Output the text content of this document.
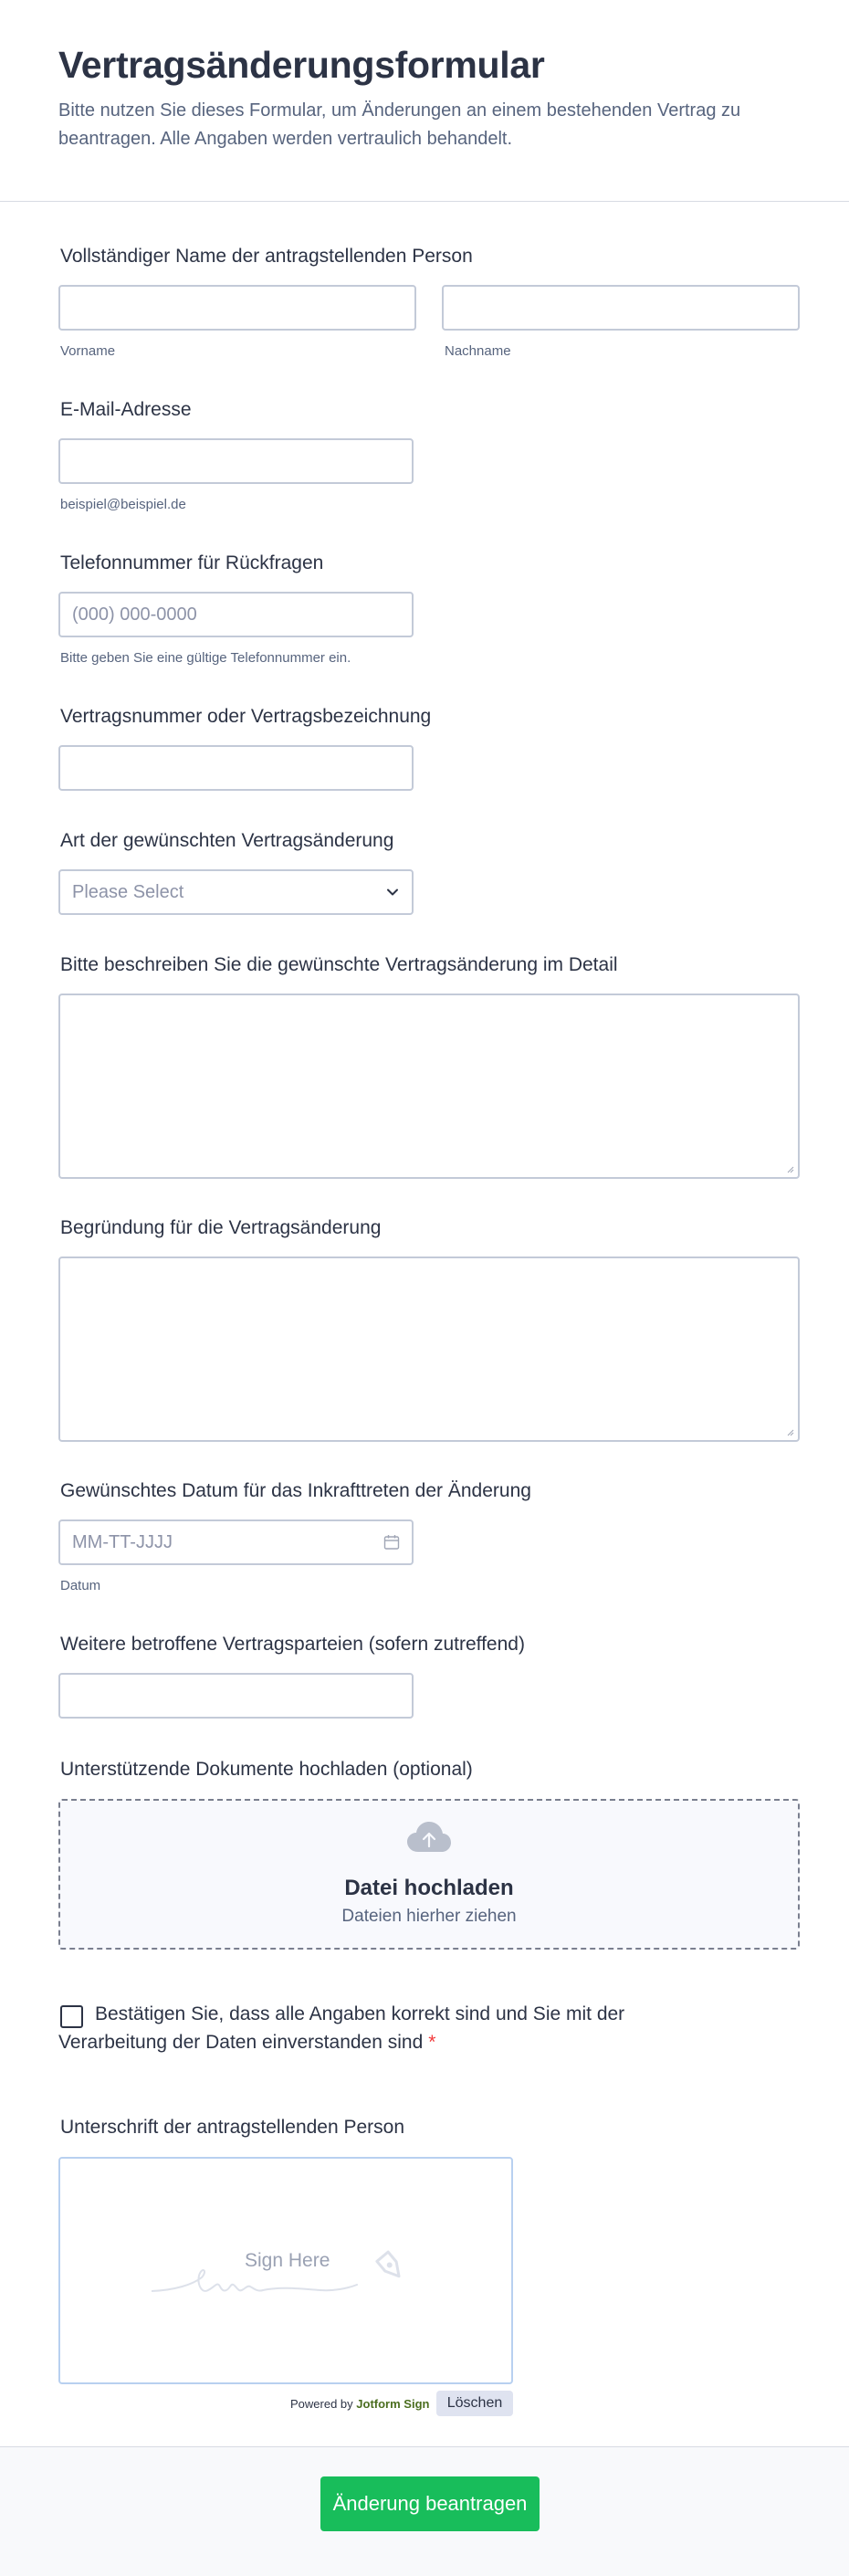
Vertragsänderungsformular

Bitte nutzen Sie dieses Formular, um Änderungen an einem bestehenden Vertrag zu beantragen. Alle Angaben werden vertraulich behandelt.

Vollständiger Name der antragstellenden Person
Vorname	Nachname
E-Mail-Adresse
beispiel@beispiel.de
Telefonnummer für Rückfragen
(000) 000-0000
Bitte geben Sie eine gültige Telefonnummer ein.
Vertragsnummer oder Vertragsbezeichnung
Art der gewünschten Vertragsänderung
Please Select
Bitte beschreiben Sie die gewünschte Vertragsänderung im Detail
Begründung für die Vertragsänderung
Gewünschtes Datum für das Inkrafttreten der Änderung
MM-TT-JJJJ
Datum
Weitere betroffene Vertragsparteien (sofern zutreffend)
Unterstützende Dokumente hochladen (optional)
Datei hochladen
Dateien hierher ziehen
Bestätigen Sie, dass alle Angaben korrekt sind und Sie mit der Verarbeitung der Daten einverstanden sind *
Unterschrift der antragstellenden Person
Sign Here
Powered by Jotform Sign	Löschen
Änderung beantragen
